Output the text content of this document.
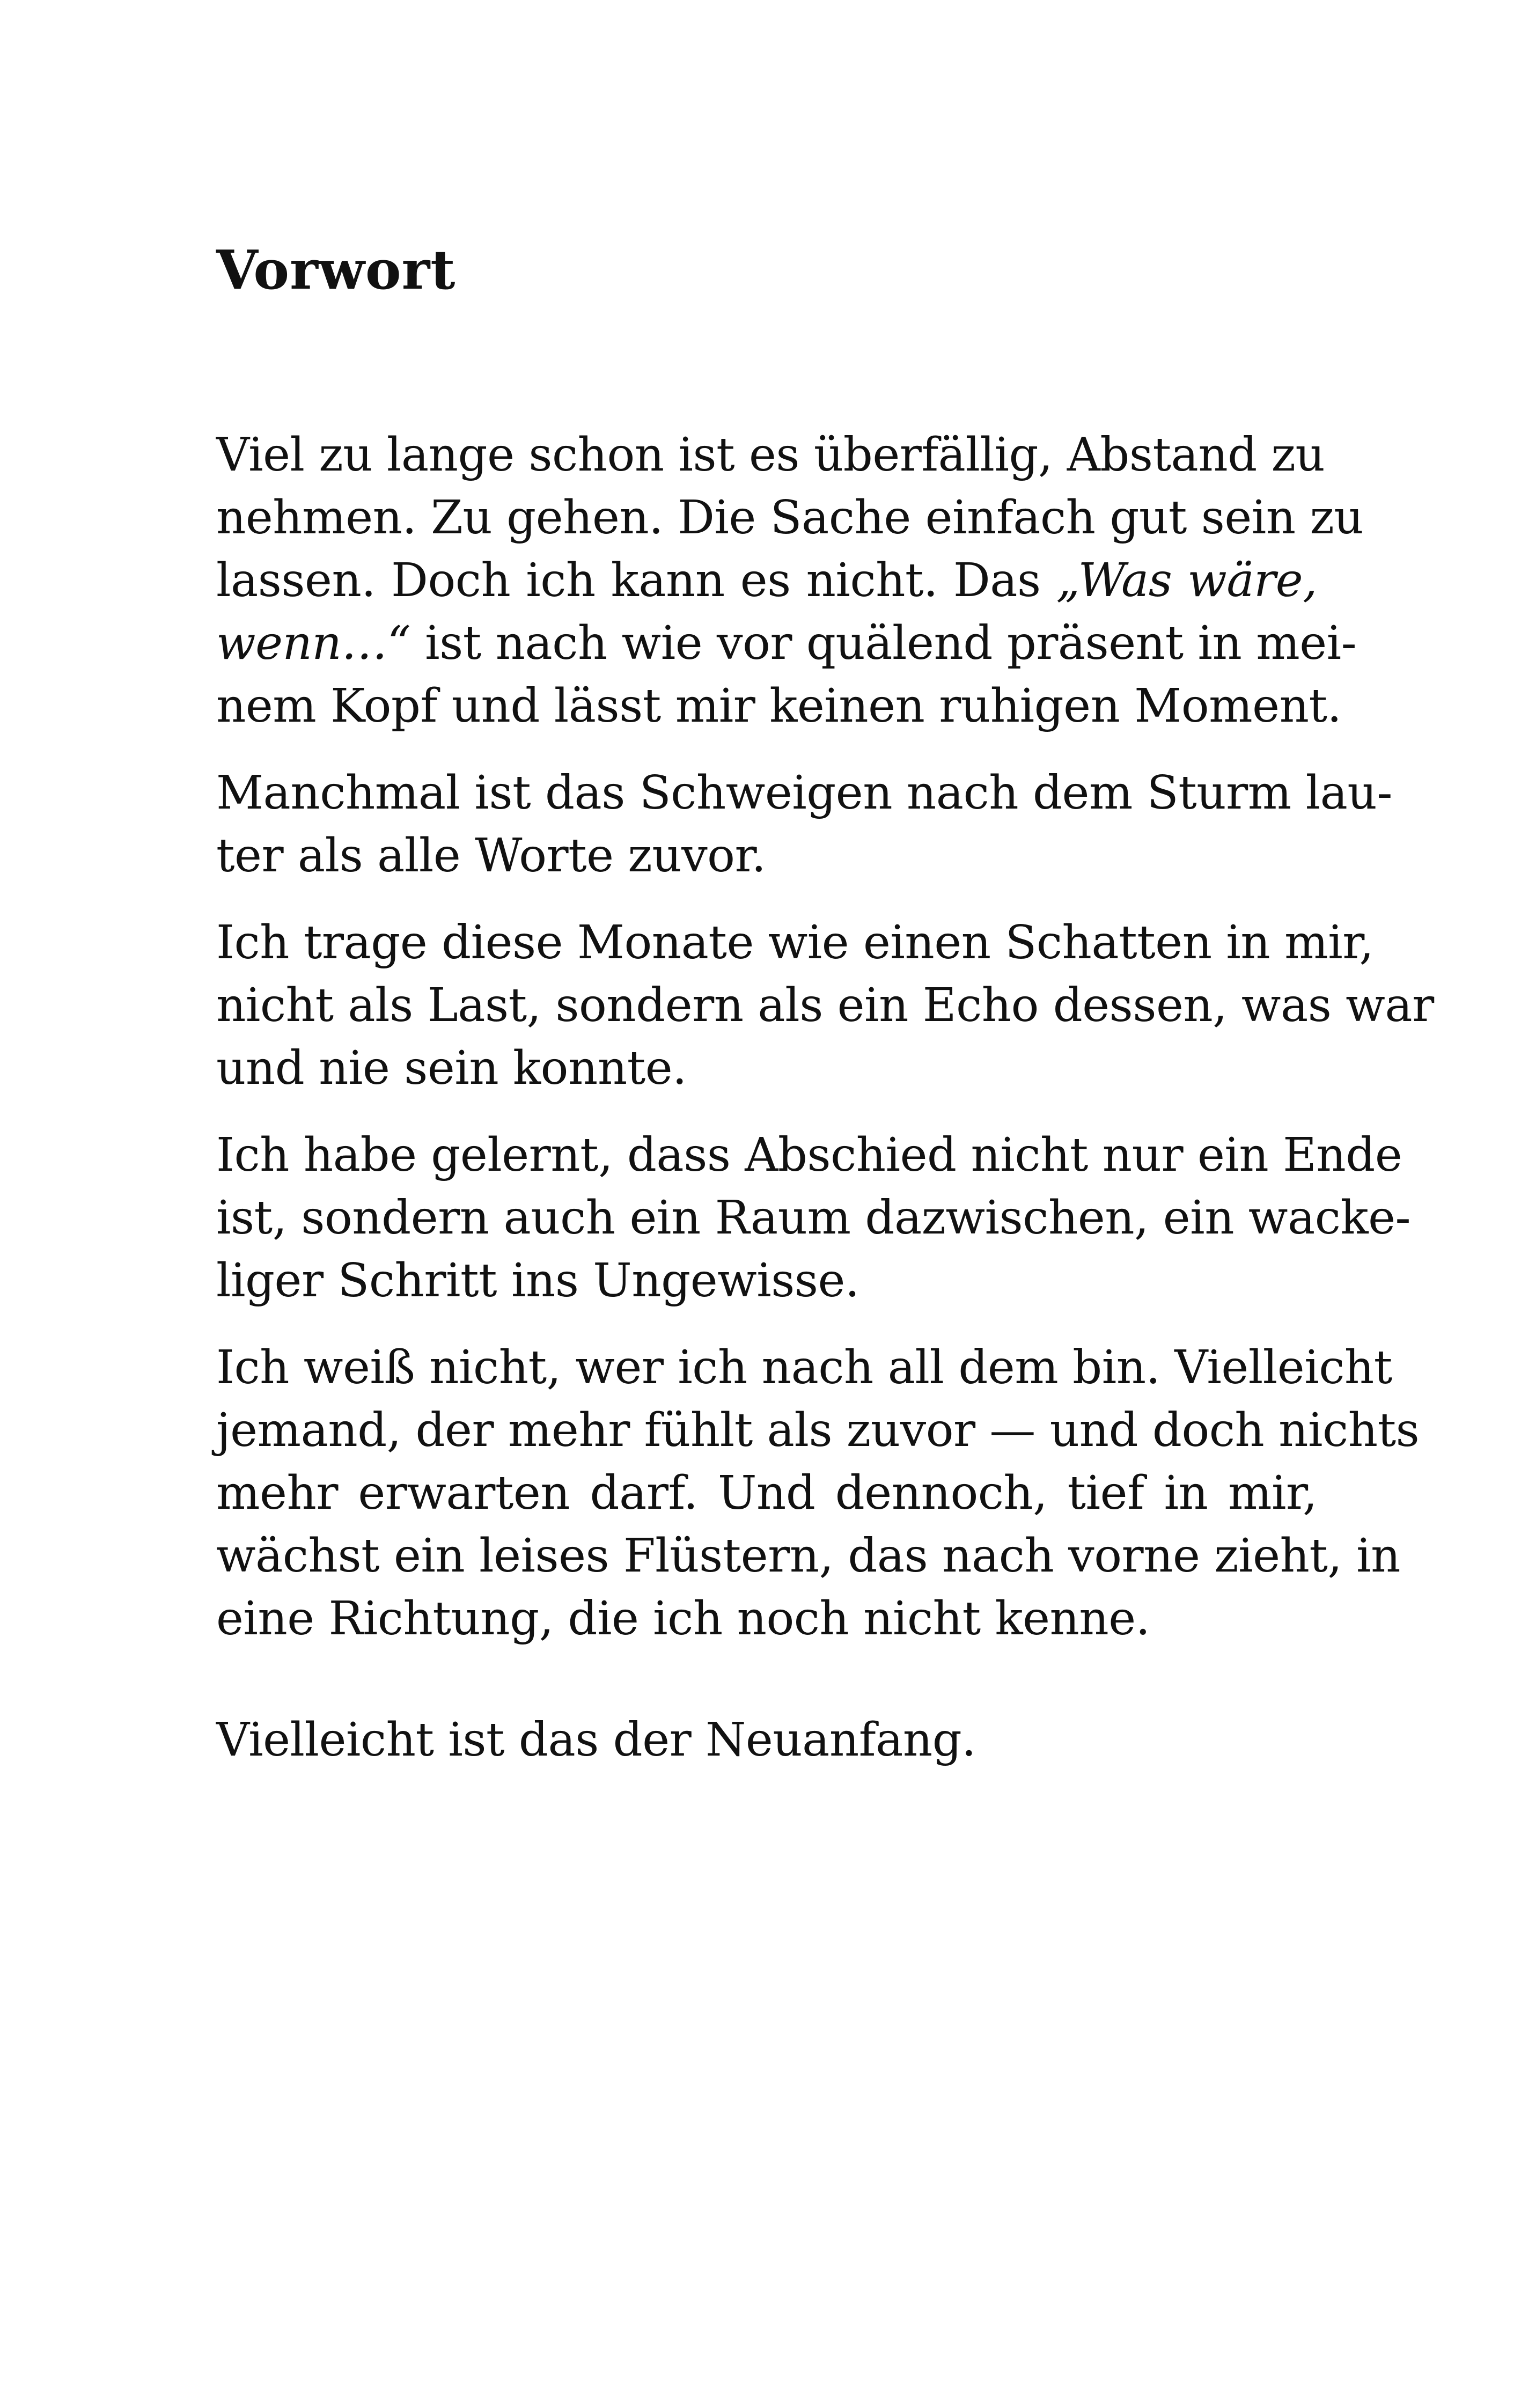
Vorwort

Viel zu lange schon ist es überfällig, Abstand zu
nehmen. Zu gehen. Die Sache einfach gut sein zu
lassen. Doch ich kann es nicht. Das „Was wäre,
wenn…“ ist nach wie vor quälend präsent in mei-
nem Kopf und lässt mir keinen ruhigen Moment.

Manchmal ist das Schweigen nach dem Sturm lau-
ter als alle Worte zuvor.

Ich trage diese Monate wie einen Schatten in mir,
nicht als Last, sondern als ein Echo dessen, was war
und nie sein konnte.

Ich habe gelernt, dass Abschied nicht nur ein Ende
ist, sondern auch ein Raum dazwischen, ein wacke-
liger Schritt ins Ungewisse.

Ich weiß nicht, wer ich nach all dem bin. Vielleicht
jemand, der mehr fühlt als zuvor — und doch nichts
mehr erwarten darf. Und dennoch, tief in mir,
wächst ein leises Flüstern, das nach vorne zieht, in
eine Richtung, die ich noch nicht kenne.

Vielleicht ist das der Neuanfang.
